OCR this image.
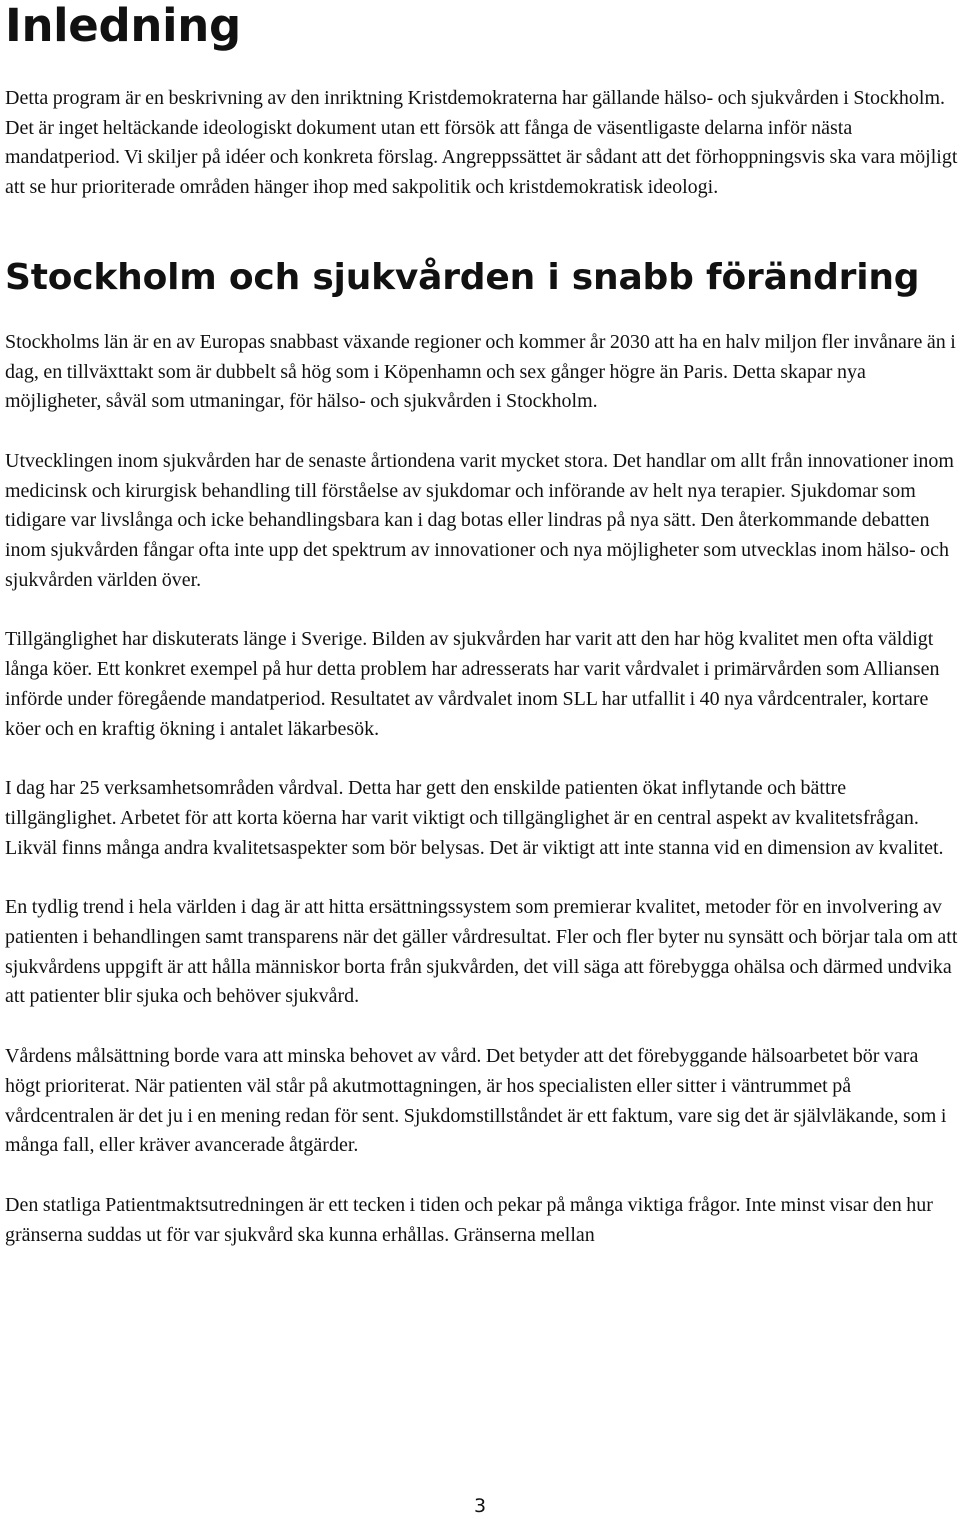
Inledning

Detta program är en beskrivning av den inriktning Kristdemokraterna har gällande hälso- och sjukvården i Stockholm. Det är inget heltäckande ideologiskt dokument utan ett försök att fånga de väsentligaste delarna inför nästa mandatperiod. Vi skiljer på idéer och konkreta förslag. Angreppssättet är sådant att det förhoppningsvis ska vara möjligt att se hur prioriterade områden hänger ihop med sakpolitik och kristdemokratisk ideologi.

Stockholm och sjukvården i snabb förändring

Stockholms län är en av Europas snabbast växande regioner och kommer år 2030 att ha en halv miljon fler invånare än i dag, en tillväxttakt som är dubbelt så hög som i Köpenhamn och sex gånger högre än Paris. Detta skapar nya möjligheter, såväl som utmaningar, för hälso- och sjukvården i Stockholm.

Utvecklingen inom sjukvården har de senaste årtiondena varit mycket stora. Det handlar om allt från innovationer inom medicinsk och kirurgisk behandling till förståelse av sjukdomar och införande av helt nya terapier. Sjukdomar som tidigare var livslånga och icke behandlingsbara kan i dag botas eller lindras på nya sätt. Den återkommande debatten inom sjukvården fångar ofta inte upp det spektrum av innovationer och nya möjligheter som utvecklas inom hälso- och sjukvården världen över.

Tillgänglighet har diskuterats länge i Sverige. Bilden av sjukvården har varit att den har hög kvalitet men ofta väldigt långa köer. Ett konkret exempel på hur detta problem har adresserats har varit vårdvalet i primärvården som Alliansen införde under föregående mandatperiod. Resultatet av vårdvalet inom SLL har utfallit i 40 nya vårdcentraler, kortare köer och en kraftig ökning i antalet läkarbesök.

I dag har 25 verksamhetsområden vårdval. Detta har gett den enskilde patienten ökat inflytande och bättre tillgänglighet. Arbetet för att korta köerna har varit viktigt och tillgänglighet är en central aspekt av kvalitetsfrågan. Likväl finns många andra kvalitetsaspekter som bör belysas. Det är viktigt att inte stanna vid en dimension av kvalitet.

En tydlig trend i hela världen i dag är att hitta ersättningssystem som premierar kvalitet, metoder för en involvering av patienten i behandlingen samt transparens när det gäller vårdresultat. Fler och fler byter nu synsätt och börjar tala om att sjukvårdens uppgift är att hålla människor borta från sjukvården, det vill säga att förebygga ohälsa och därmed undvika att patienter blir sjuka och behöver sjukvård.

Vårdens målsättning borde vara att minska behovet av vård. Det betyder att det förebyggande hälsoarbetet bör vara högt prioriterat. När patienten väl står på akutmottagningen, är hos specialisten eller sitter i väntrummet på vårdcentralen är det ju i en mening redan för sent. Sjukdomstillståndet är ett faktum, vare sig det är självläkande, som i många fall, eller kräver avancerade åtgärder.

Den statliga Patientmaktsutredningen är ett tecken i tiden och pekar på många viktiga frågor. Inte minst visar den hur gränserna suddas ut för var sjukvård ska kunna erhållas. Gränserna mellan

3
